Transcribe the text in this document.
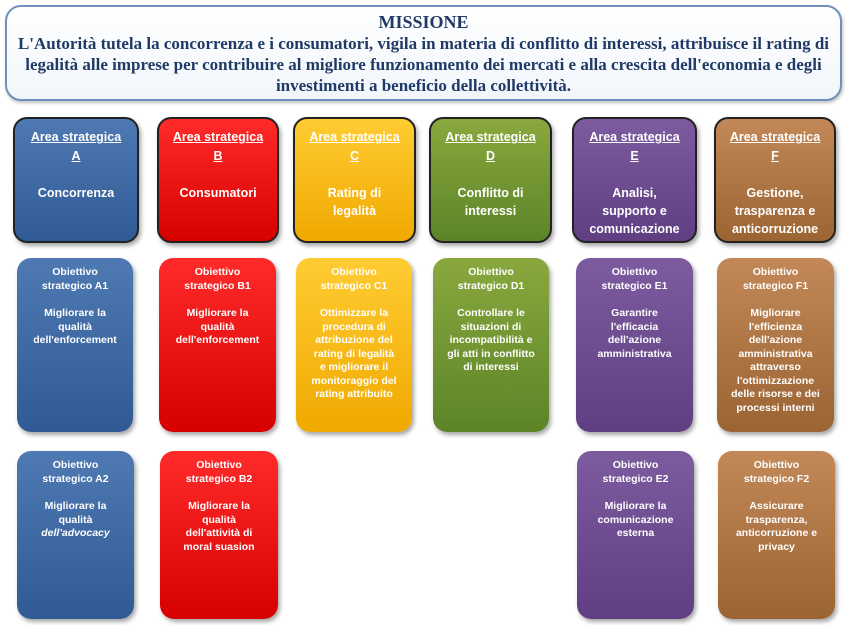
MISSIONE
L'Autorità tutela la concorrenza e i consumatori, vigila in materia di conflitto di interessi, attribuisce il rating di legalità alle imprese per contribuire al migliore funzionamento dei mercati e alla crescita dell'economia e degli investimenti a beneficio della collettività.
Area strategica
A
Concorrenza
Area strategica
B
Consumatori
Area strategica
C
Rating di
legalità
Area strategica
D
Conflitto di
interessi
Area strategica
E
Analisi,
supporto e
comunicazione
Area strategica
F
Gestione,
trasparenza e
anticorruzione
Obiettivo
strategico A1
Migliorare la
qualità
dell'enforcement
Obiettivo
strategico B1
Migliorare la
qualità
dell'enforcement
Obiettivo
strategico C1
Ottimizzare la
procedura di
attribuzione del
rating di legalità
e migliorare il
monitoraggio del
rating attribuito
Obiettivo
strategico D1
Controllare le
situazioni di
incompatibilità e
gli atti in conflitto
di interessi
Obiettivo
strategico E1
Garantire
l'efficacia
dell'azione
amministrativa
Obiettivo
strategico F1
Migliorare
l'efficienza
dell'azione
amministrativa
attraverso
l'ottimizzazione
delle risorse e dei
processi interni
Obiettivo
strategico A2
Migliorare la
qualità
dell'advocacy
Obiettivo
strategico B2
Migliorare la
qualità
dell'attività di
moral suasion
Obiettivo
strategico E2
Migliorare la
comunicazione
esterna
Obiettivo
strategico F2
Assicurare
trasparenza,
anticorruzione e
privacy
